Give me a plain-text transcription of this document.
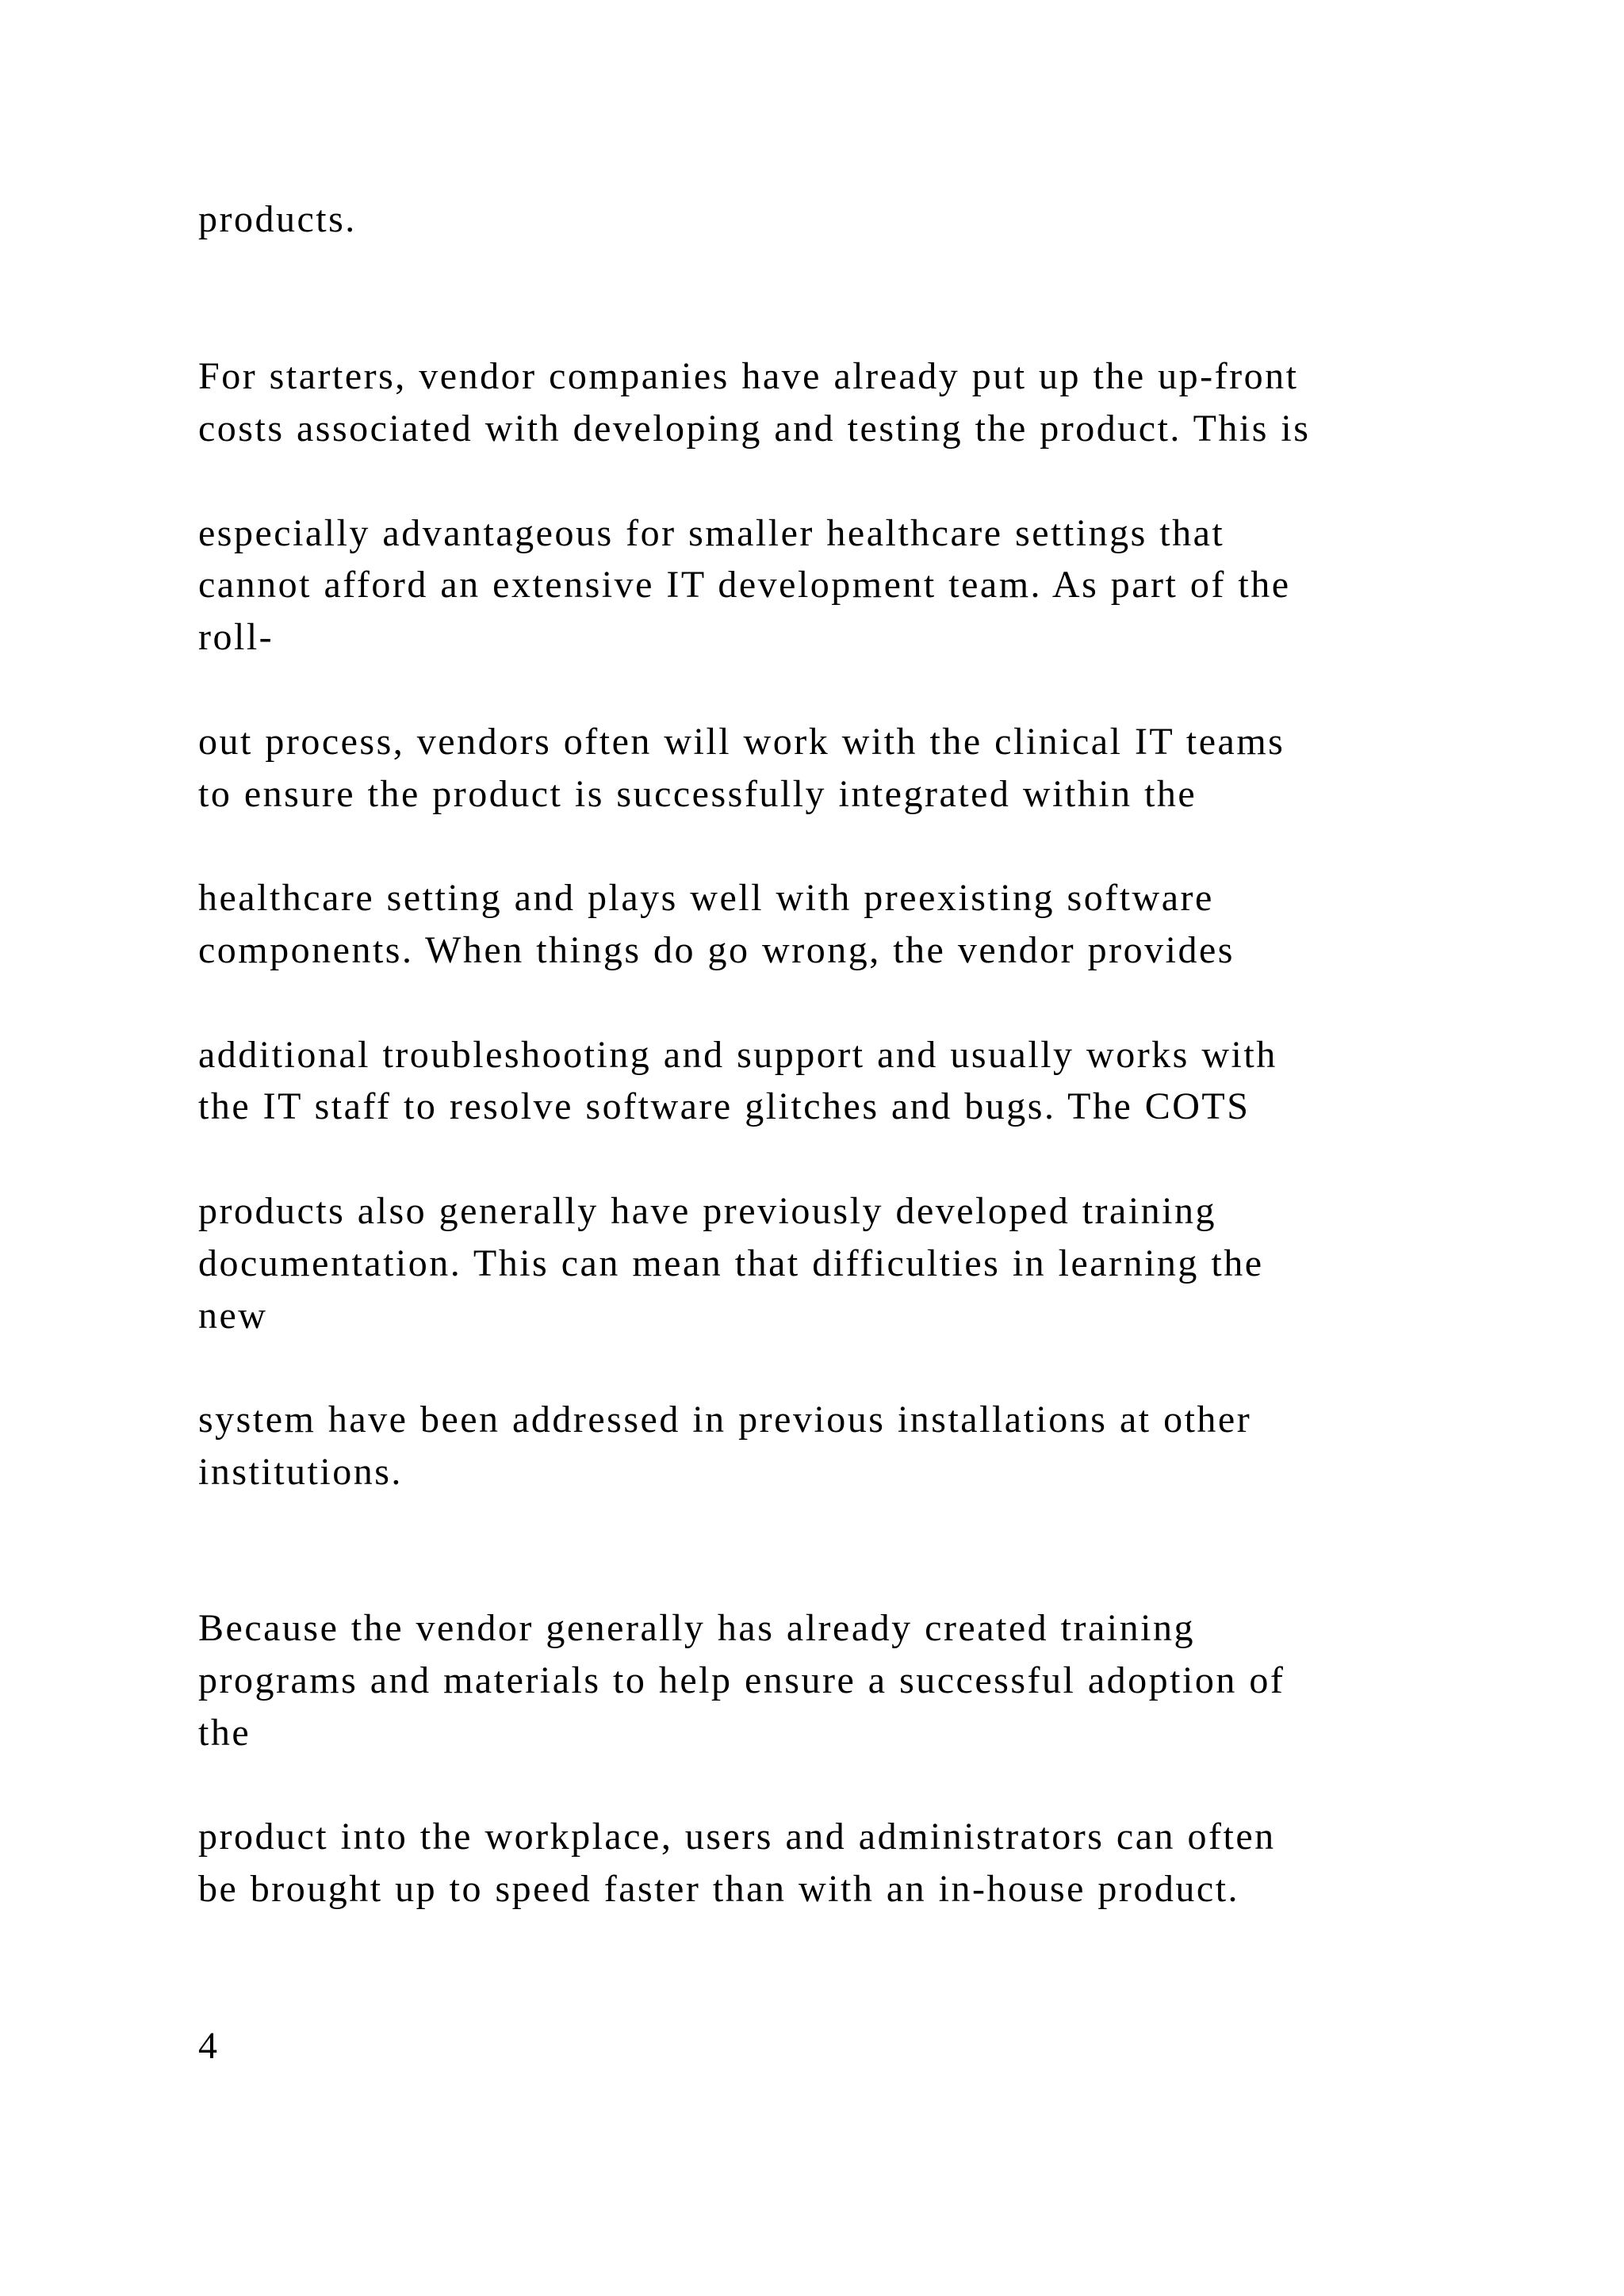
products.

For starters, vendor companies have already put up the up-front

costs associated with developing and testing the product. This is

especially advantageous for smaller healthcare settings that

cannot afford an extensive IT development team. As part of the

roll-

out process, vendors often will work with the clinical IT teams

to ensure the product is successfully integrated within the

healthcare setting and plays well with preexisting software

components. When things do go wrong, the vendor provides

additional troubleshooting and support and usually works with

the IT staff to resolve software glitches and bugs. The COTS

products also generally have previously developed training

documentation. This can mean that difficulties in learning the

new

system have been addressed in previous installations at other

institutions.

Because the vendor generally has already created training

programs and materials to help ensure a successful adoption of

the

product into the workplace, users and administrators can often

be brought up to speed faster than with an in-house product.

4
